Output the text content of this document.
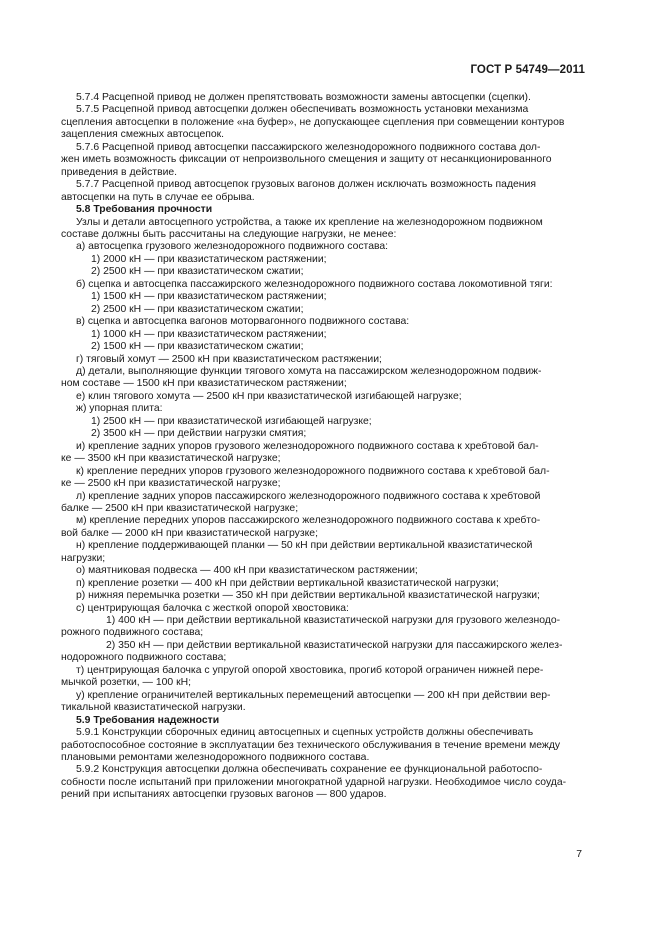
ГОСТ Р 54749—2011

5.7.4 Расцепной привод не должен препятствовать возможности замены автосцепки (сцепки).

5.7.5 Расцепной привод автосцепки должен обеспечивать возможность установки механизма

сцепления автосцепки в положение «на буфер», не допускающее сцепления при совмещении контуров

зацепления смежных автосцепок.

5.7.6 Расцепной привод автосцепки пассажирского железнодорожного подвижного состава дол-

жен иметь возможность фиксации от непроизвольного смещения и защиту от несанкционированного

приведения в действие.

5.7.7 Расцепной привод автосцепок грузовых вагонов должен исключать возможность падения

автосцепки на путь в случае ее обрыва.

5.8 Требования прочности

Узлы и детали автосцепного устройства, а также их крепление на железнодорожном подвижном

составе должны быть рассчитаны на следующие нагрузки, не менее:

а) автосцепка грузового железнодорожного подвижного состава:

1) 2000 кН — при квазистатическом растяжении;

2) 2500 кН — при квазистатическом сжатии;

б) сцепка и автосцепка пассажирского железнодорожного подвижного состава локомотивной тяги:

1) 1500 кН — при квазистатическом растяжении;

2) 2500 кН — при квазистатическом сжатии;

в) сцепка и автосцепка вагонов моторвагонного подвижного состава:

1) 1000 кН — при квазистатическом растяжении;

2) 1500 кН — при квазистатическом сжатии;

г) тяговый хомут — 2500 кН при квазистатическом растяжении;

д) детали, выполняющие функции тягового хомута на пассажирском железнодорожном подвиж-

ном составе — 1500 кН при квазистатическом растяжении;

е) клин тягового хомута — 2500 кН при квазистатической изгибающей нагрузке;

ж) упорная плита:

1) 2500 кН — при квазистатической изгибающей нагрузке;

2) 3500 кН — при действии нагрузки смятия;

и) крепление задних упоров грузового железнодорожного подвижного состава к хребтовой бал-

ке — 3500 кН при квазистатической нагрузке;

к) крепление передних упоров грузового железнодорожного подвижного состава к хребтовой бал-

ке — 2500 кН при квазистатической нагрузке;

л) крепление задних упоров пассажирского железнодорожного подвижного состава к хребтовой

балке — 2500 кН при квазистатической нагрузке;

м) крепление передних упоров пассажирского железнодорожного подвижного состава к хребто-

вой балке — 2000 кН при квазистатической нагрузке;

н) крепление поддерживающей планки — 50 кН при действии вертикальной квазистатической

нагрузки;

о) маятниковая подвеска — 400 кН при квазистатическом растяжении;

п) крепление розетки — 400 кН при действии вертикальной квазистатической нагрузки;

р) нижняя перемычка розетки — 350 кН при действии вертикальной квазистатической нагрузки;

с) центрирующая балочка с жесткой опорой хвостовика:

1) 400 кН — при действии вертикальной квазистатической нагрузки для грузового железнодо-

рожного подвижного состава;

2) 350 кН — при действии вертикальной квазистатической нагрузки для пассажирского желез-

нодорожного подвижного состава;

т) центрирующая балочка с упругой опорой хвостовика, прогиб которой ограничен нижней пере-

мычкой розетки, — 100 кН;

у) крепление ограничителей вертикальных перемещений автосцепки — 200 кН при действии вер-

тикальной квазистатической нагрузки.

5.9 Требования надежности

5.9.1 Конструкции сборочных единиц автосцепных и сцепных устройств должны обеспечивать

работоспособное состояние в эксплуатации без технического обслуживания в течение времени между

плановыми ремонтами железнодорожного подвижного состава.

5.9.2 Конструкция автосцепки должна обеспечивать сохранение ее функциональной работоспо-

собности после испытаний при приложении многократной ударной нагрузки. Необходимое число соуда-

рений при испытаниях автосцепки грузовых вагонов — 800 ударов.

7
